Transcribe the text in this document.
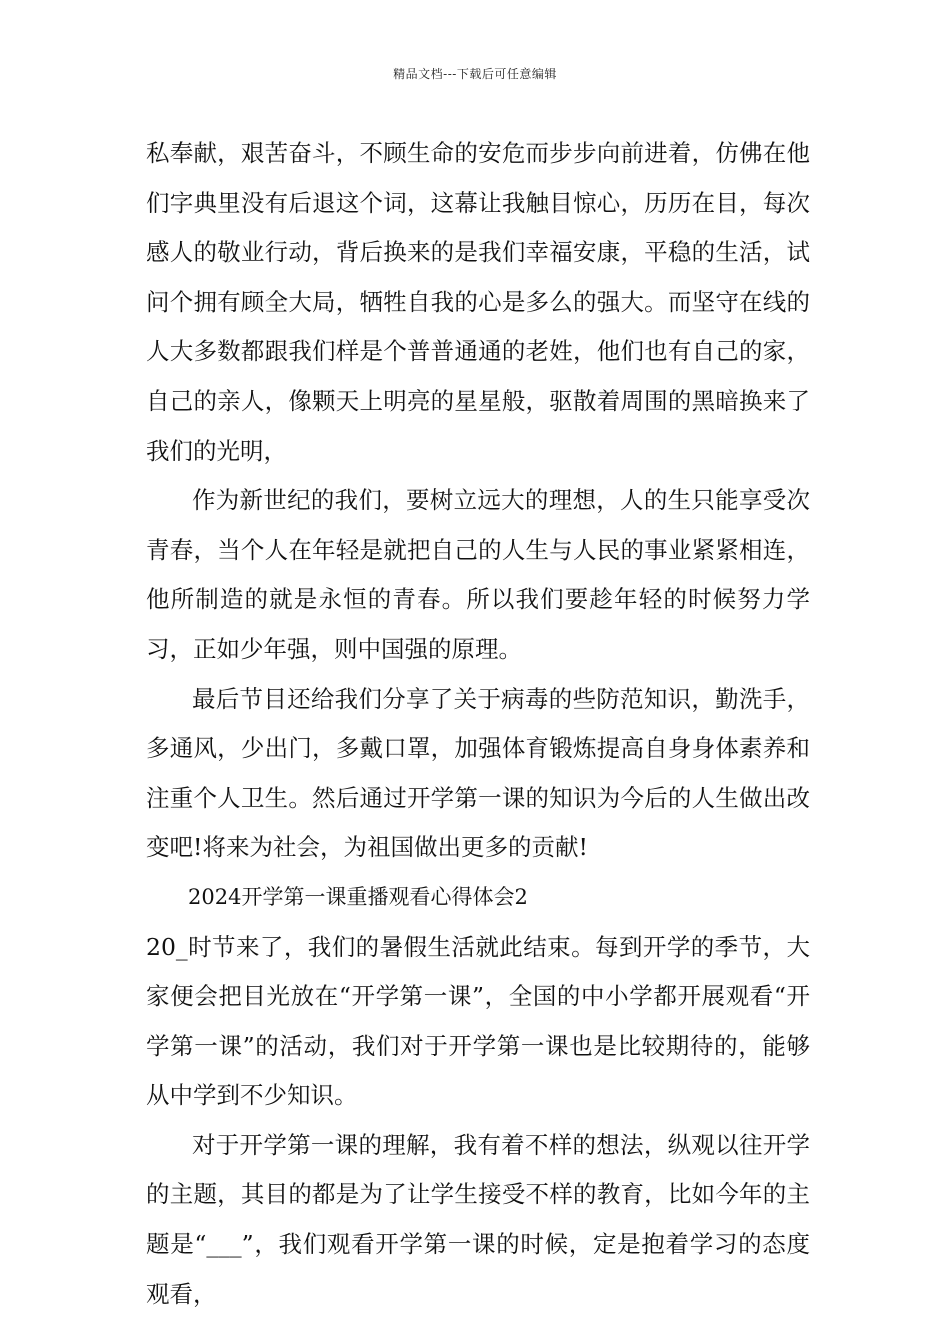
精品文档---下载后可任意编辑

私奉献，艰苦奋斗，不顾生命的安危而步步向前进着，仿佛在他们字典里没有后退这个词，这幕让我触目惊心，历历在目，每次感人的敬业行动，背后换来的是我们幸福安康，平稳的生活，试问个拥有顾全大局，牺牲自我的心是多么的强大。而坚守在线的人大多数都跟我们样是个普普通通的老姓，他们也有自己的家，自己的亲人，像颗天上明亮的星星般，驱散着周围的黑暗换来了我们的光明，

作为新世纪的我们，要树立远大的理想，人的生只能享受次青春，当个人在年轻是就把自己的人生与人民的事业紧紧相连，他所制造的就是永恒的青春。所以我们要趁年轻的时候努力学习，正如少年强，则中国强的原理。

最后节目还给我们分享了关于病毒的些防范知识，勤洗手，多通风，少出门，多戴口罩，加强体育锻炼提高自身身体素养和注重个人卫生。然后通过开学第一课的知识为今后的人生做出改变吧!将来为社会，为祖国做出更多的贡献!

2024开学第一课重播观看心得体会2

20_时节来了，我们的暑假生活就此结束。每到开学的季节，大家便会把目光放在“开学第一课”，全国的中小学都开展观看“开学第一课”的活动，我们对于开学第一课也是比较期待的，能够从中学到不少知识。

对于开学第一课的理解，我有着不样的想法，纵观以往开学的主题，其目的都是为了让学生接受不样的教育，比如今年的主题是“___”，我们观看开学第一课的时候，定是抱着学习的态度观看，
